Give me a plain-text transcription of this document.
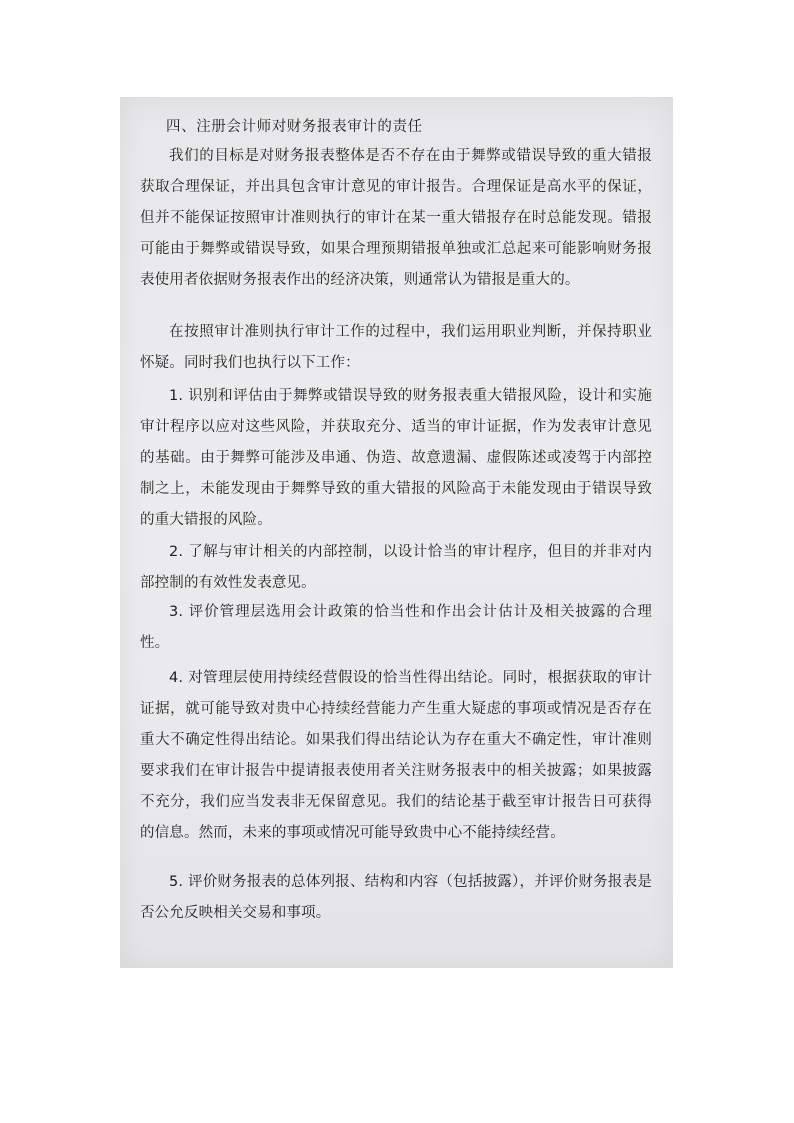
四、注册会计师对财务报表审计的责任
我们的目标是对财务报表整体是否不存在由于舞弊或错误导致的重大错报获取合理保证，并出具包含审计意见的审计报告。合理保证是高水平的保证，但并不能保证按照审计准则执行的审计在某一重大错报存在时总能发现。错报可能由于舞弊或错误导致，如果合理预期错报单独或汇总起来可能影响财务报表使用者依据财务报表作出的经济决策，则通常认为错报是重大的。
在按照审计准则执行审计工作的过程中，我们运用职业判断，并保持职业怀疑。同时我们也执行以下工作：
1. 识别和评估由于舞弊或错误导致的财务报表重大错报风险，设计和实施审计程序以应对这些风险，并获取充分、适当的审计证据，作为发表审计意见的基础。由于舞弊可能涉及串通、伪造、故意遗漏、虚假陈述或凌驾于内部控制之上，未能发现由于舞弊导致的重大错报的风险高于未能发现由于错误导致的重大错报的风险。
2. 了解与审计相关的内部控制，以设计恰当的审计程序，但目的并非对内部控制的有效性发表意见。
3. 评价管理层选用会计政策的恰当性和作出会计估计及相关披露的合理性。
4. 对管理层使用持续经营假设的恰当性得出结论。同时，根据获取的审计证据，就可能导致对贵中心持续经营能力产生重大疑虑的事项或情况是否存在重大不确定性得出结论。如果我们得出结论认为存在重大不确定性，审计准则要求我们在审计报告中提请报表使用者关注财务报表中的相关披露；如果披露不充分，我们应当发表非无保留意见。我们的结论基于截至审计报告日可获得的信息。然而，未来的事项或情况可能导致贵中心不能持续经营。
5. 评价财务报表的总体列报、结构和内容（包括披露），并评价财务报表是否公允反映相关交易和事项。
